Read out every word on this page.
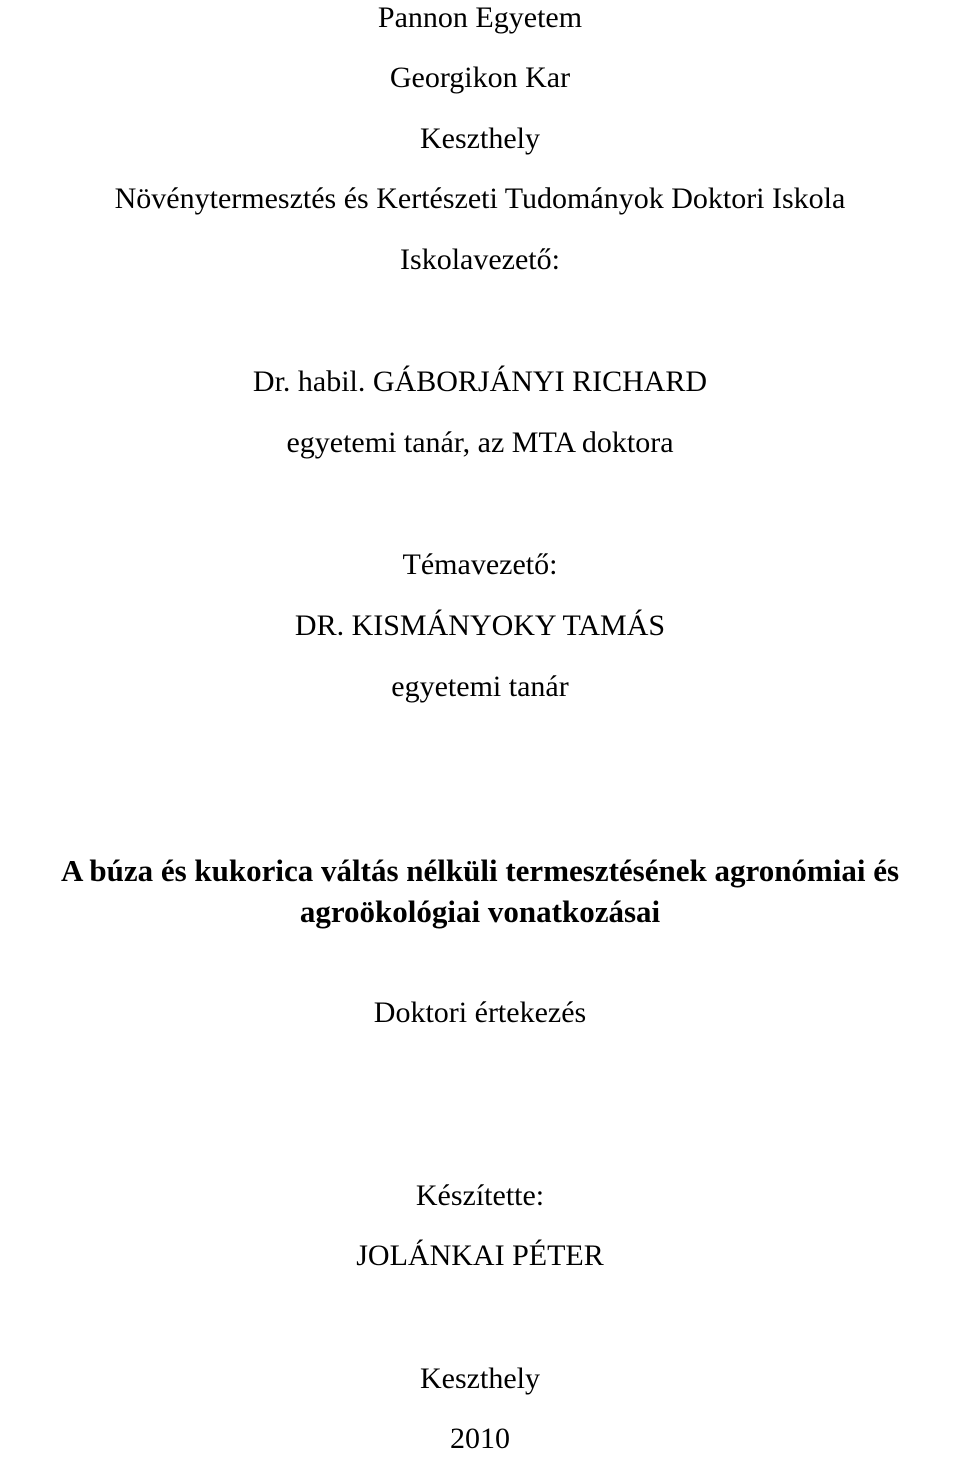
Pannon Egyetem
Georgikon Kar
Keszthely
Növénytermesztés és Kertészeti Tudományok Doktori Iskola
Iskolavezető:
Dr. habil. GÁBORJÁNYI RICHARD
egyetemi tanár, az MTA doktora
Témavezető:
DR. KISMÁNYOKY TAMÁS
egyetemi tanár
A búza és kukorica váltás nélküli termesztésének agronómiai és
agroökológiai vonatkozásai
Doktori értekezés
Készítette:
JOLÁNKAI PÉTER
Keszthely
2010
